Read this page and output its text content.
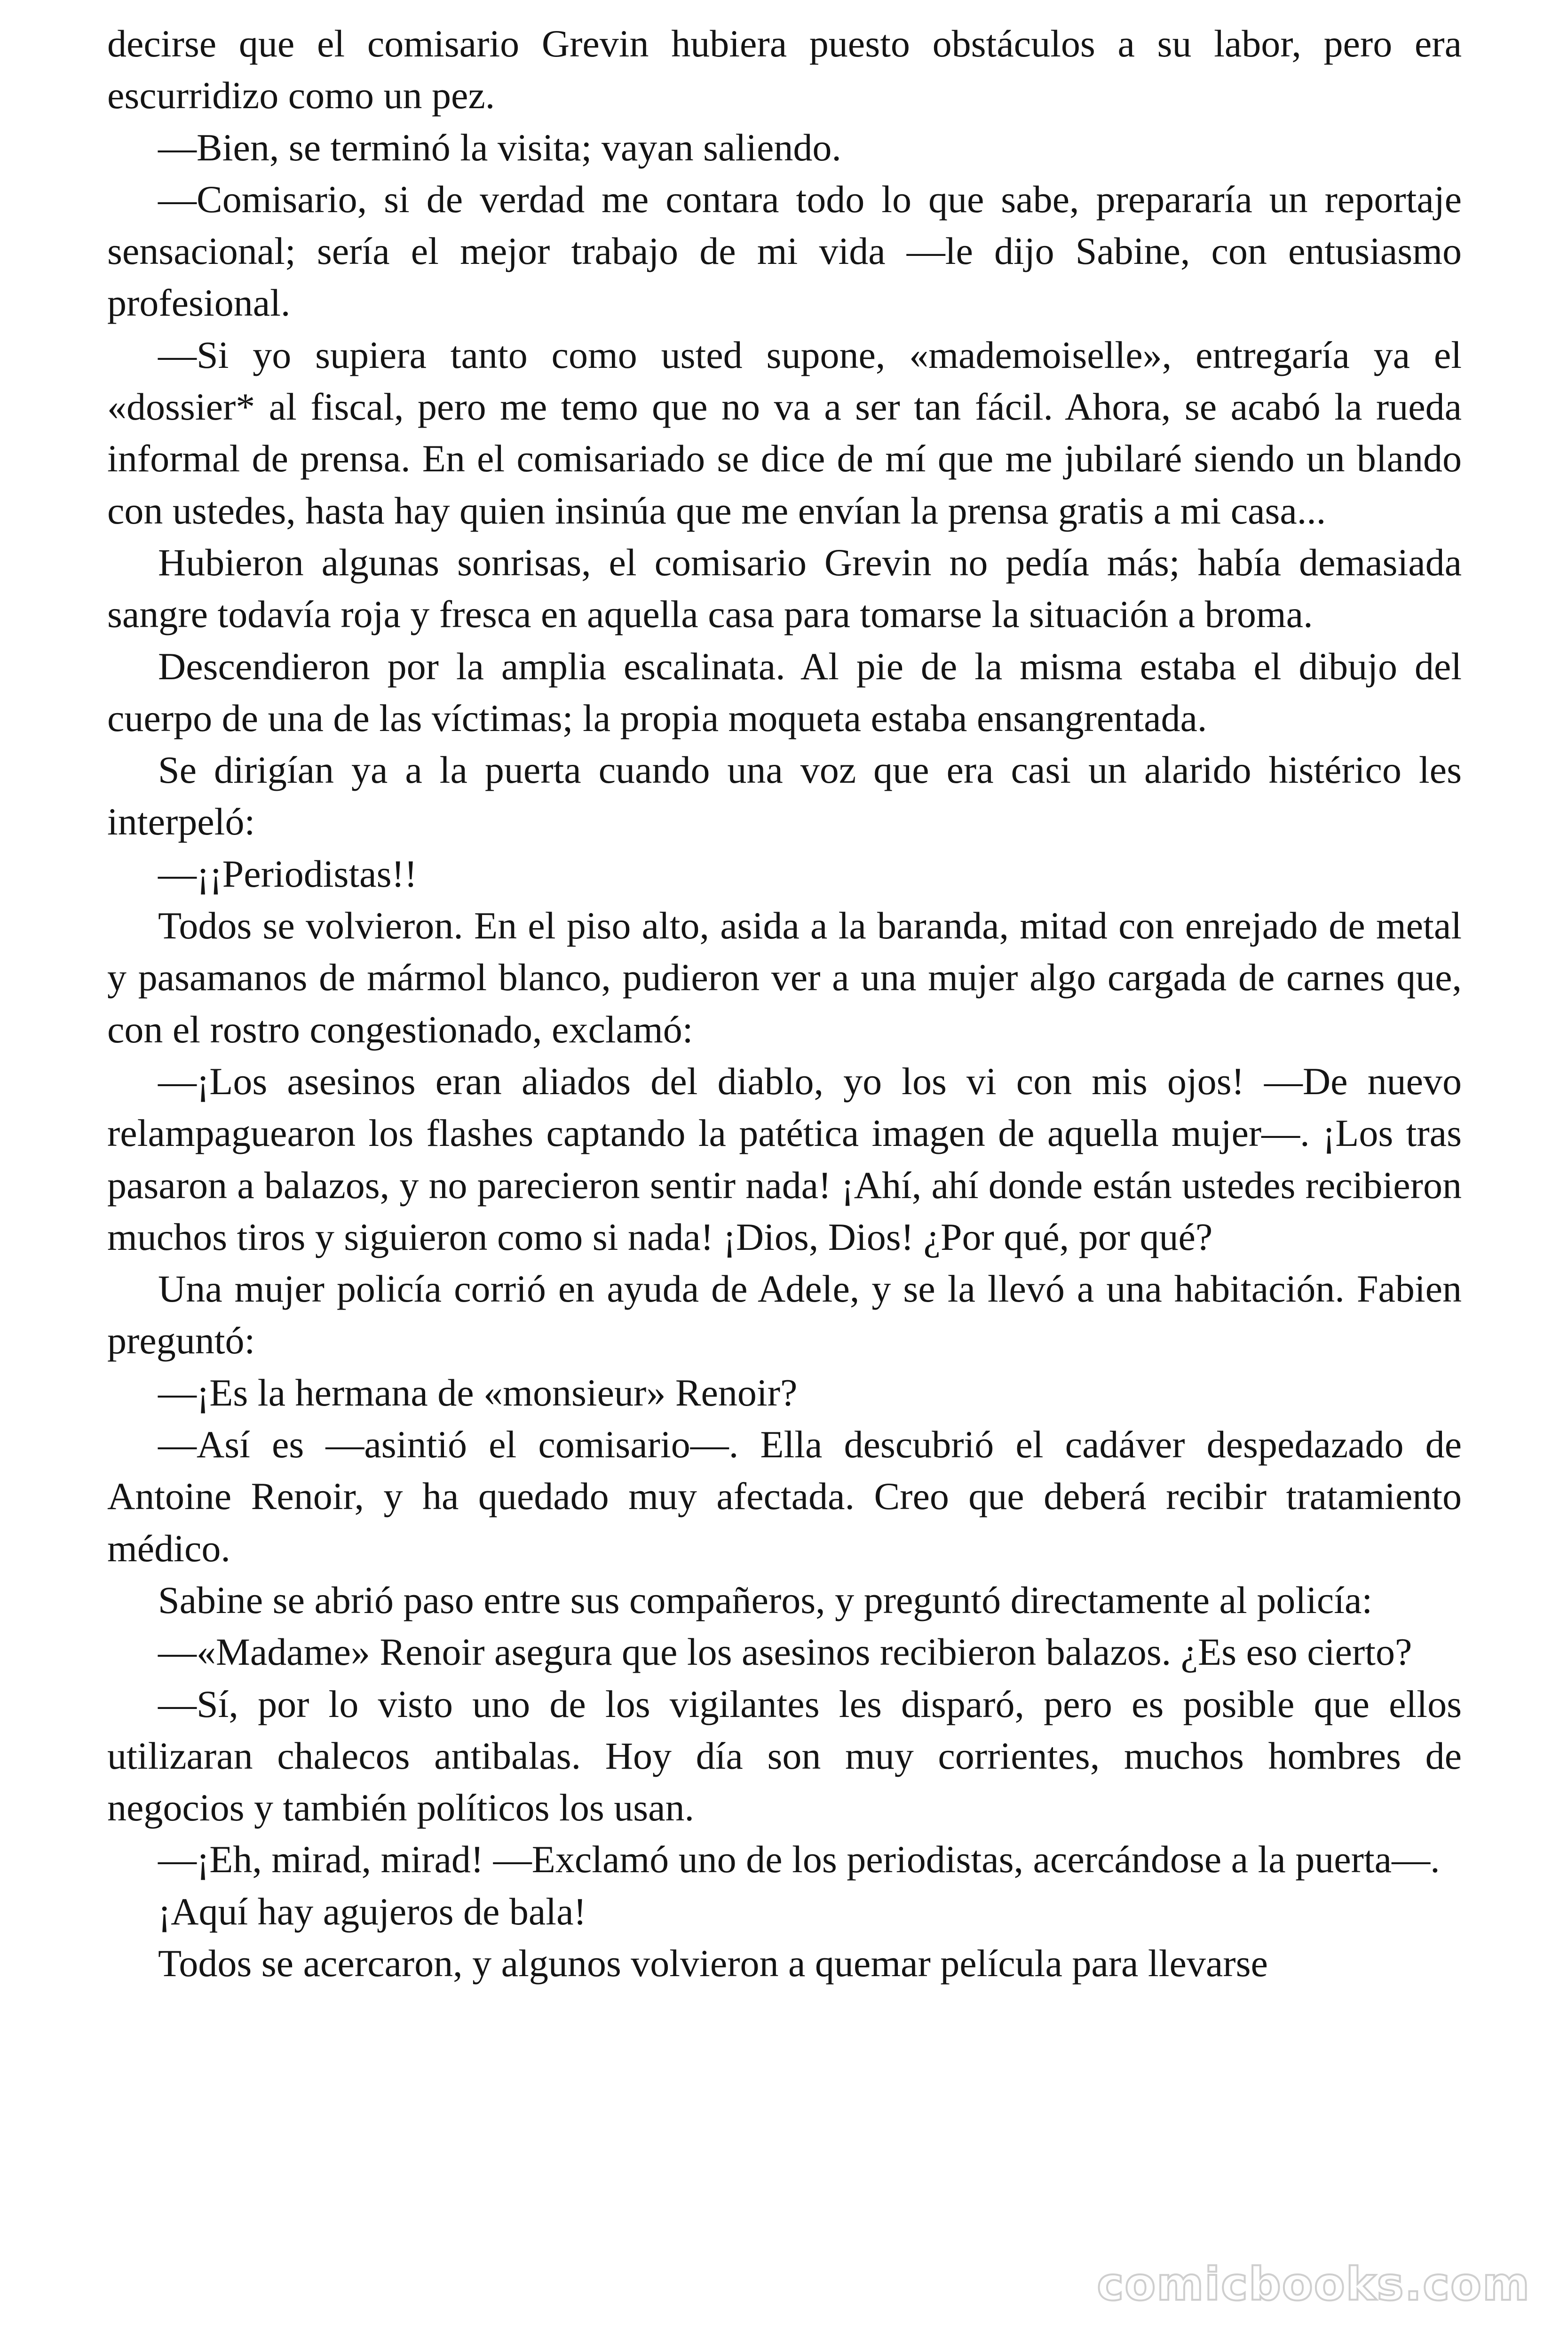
decirse que el comisario Grevin hubiera puesto obstáculos a su labor, pero era escurridizo como un pez.

—Bien, se terminó la visita; vayan saliendo.

—Comisario, si de verdad me contara todo lo que sabe, prepararía un reportaje sensacional; sería el mejor trabajo de mi vida —le dijo Sabine, con entusiasmo profesional.

—Si yo supiera tanto como usted supone, «mademoiselle», entregaría ya el «dossier* al fiscal, pero me temo que no va a ser tan fácil. Ahora, se acabó la rueda informal de prensa. En el comisariado se dice de mí que me jubilaré siendo un blando con ustedes, hasta hay quien insinúa que me envían la prensa gratis a mi casa...

Hubieron algunas sonrisas, el comisario Grevin no pedía más; había demasiada sangre todavía roja y fresca en aquella casa para tomarse la situación a broma.

Descendieron por la amplia escalinata. Al pie de la misma estaba el dibujo del cuerpo de una de las víctimas; la propia moqueta estaba ensangrentada.

Se dirigían ya a la puerta cuando una voz que era casi un alarido histérico les interpeló:

—¡¡Periodistas!!

Todos se volvieron. En el piso alto, asida a la baranda, mitad con enrejado de metal y pasamanos de mármol blanco, pudieron ver a una mujer algo cargada de carnes que, con el rostro congestionado, exclamó:

—¡Los asesinos eran aliados del diablo, yo los vi con mis ojos! —De nuevo relampaguearon los flashes captando la patética imagen de aquella mujer—. ¡Los tras pasaron a balazos, y no parecieron sentir nada! ¡Ahí, ahí donde están ustedes recibieron muchos tiros y siguieron como si nada! ¡Dios, Dios! ¿Por qué, por qué?

Una mujer policía corrió en ayuda de Adele, y se la llevó a una habitación. Fabien preguntó:

—¡Es la hermana de «monsieur» Renoir?

—Así es —asintió el comisario—. Ella descubrió el cadáver despedazado de Antoine Renoir, y ha quedado muy afectada. Creo que deberá recibir tratamiento médico.

Sabine se abrió paso entre sus compañeros, y preguntó directamente al policía:

—«Madame» Renoir asegura que los asesinos recibieron balazos. ¿Es eso cierto?

—Sí, por lo visto uno de los vigilantes les disparó, pero es posible que ellos utilizaran chalecos antibalas. Hoy día son muy corrientes, muchos hombres de negocios y también políticos los usan.

—¡Eh, mirad, mirad! —Exclamó uno de los periodistas, acercándose a la puerta—.

¡Aquí hay agujeros de bala!

Todos se acercaron, y algunos volvieron a quemar película para llevarse

comicbooks.com
